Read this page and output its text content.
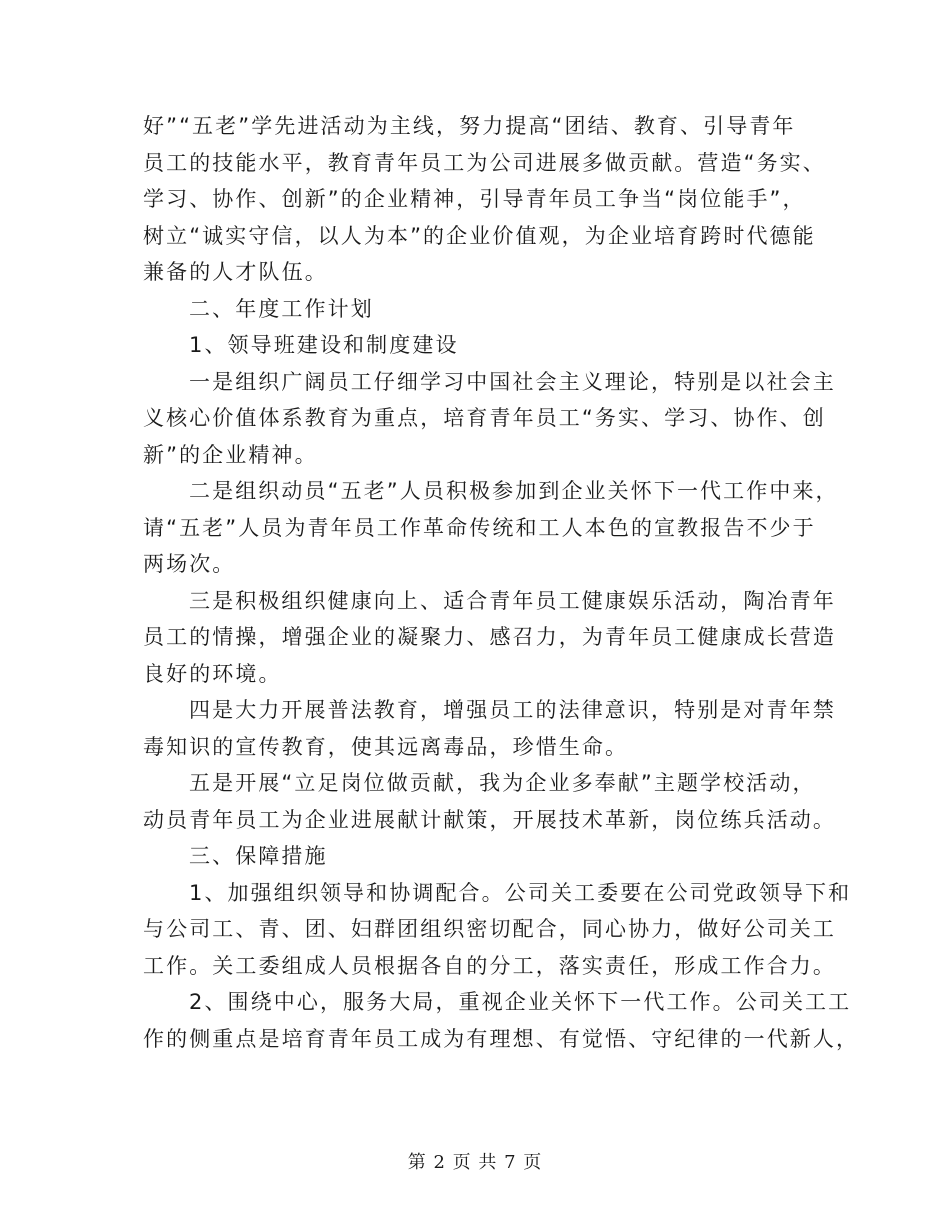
好”“五老”学先进活动为主线，努力提高“团结、教育、引导青年
员工的技能水平，教育青年员工为公司进展多做贡献。营造“务实、
学习、协作、创新”的企业精神，引导青年员工争当“岗位能手”，
树立“诚实守信，以人为本”的企业价值观，为企业培育跨时代德能
兼备的人才队伍。
二、年度工作计划
1、领导班建设和制度建设
一是组织广阔员工仔细学习中国社会主义理论，特别是以社会主
义核心价值体系教育为重点，培育青年员工“务实、学习、协作、创
新”的企业精神。
二是组织动员“五老”人员积极参加到企业关怀下一代工作中来，
请“五老”人员为青年员工作革命传统和工人本色的宣教报告不少于
两场次。
三是积极组织健康向上、适合青年员工健康娱乐活动，陶冶青年
员工的情操，增强企业的凝聚力、感召力，为青年员工健康成长营造
良好的环境。
四是大力开展普法教育，增强员工的法律意识，特别是对青年禁
毒知识的宣传教育，使其远离毒品，珍惜生命。
五是开展“立足岗位做贡献，我为企业多奉献”主题学校活动，
动员青年员工为企业进展献计献策，开展技术革新，岗位练兵活动。
三、保障措施
1、加强组织领导和协调配合。公司关工委要在公司党政领导下和
与公司工、青、团、妇群团组织密切配合，同心协力，做好公司关工
工作。关工委组成人员根据各自的分工，落实责任，形成工作合力。
2、围绕中心，服务大局，重视企业关怀下一代工作。公司关工工
作的侧重点是培育青年员工成为有理想、有觉悟、守纪律的一代新人，
第 2 页 共 7 页
